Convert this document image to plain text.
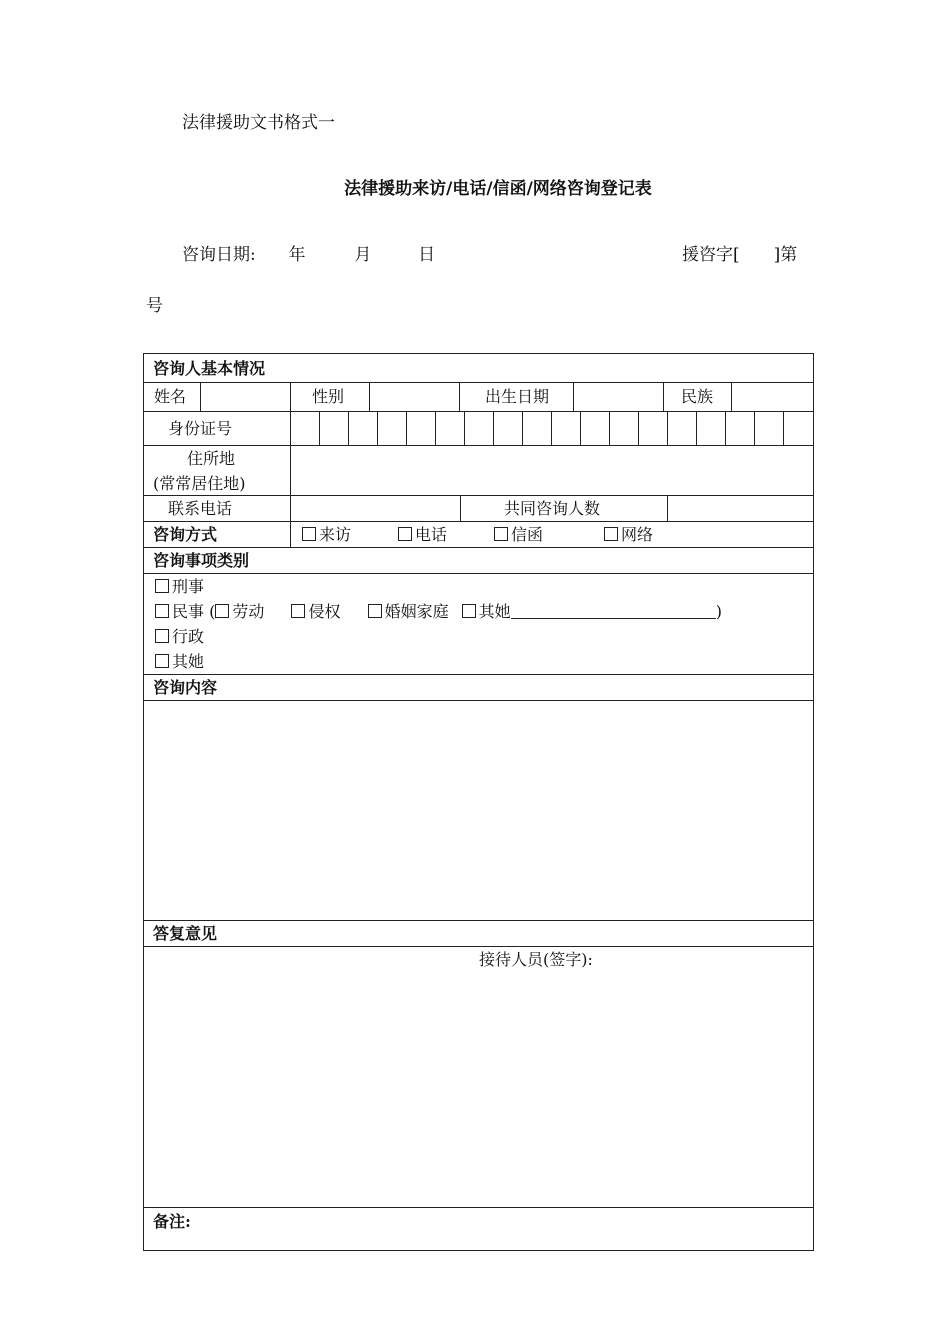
法律援助文书格式一
法律援助来访/电话/信函/网络咨询登记表
咨询日期: 年	月	日	援咨字[　　]第
号
咨询人基本情况
姓名	性别	出生日期	民族
身份证号
住所地
(常常居住地)
联系电话	共同咨询人数
咨询方式	来访	电话	信函	网络
咨询事项类别
刑事
民事 ( 劳动	侵权	婚姻家庭 其她	)
行政
其她
咨询内容
答复意见
接待人员(签字):
备注:
